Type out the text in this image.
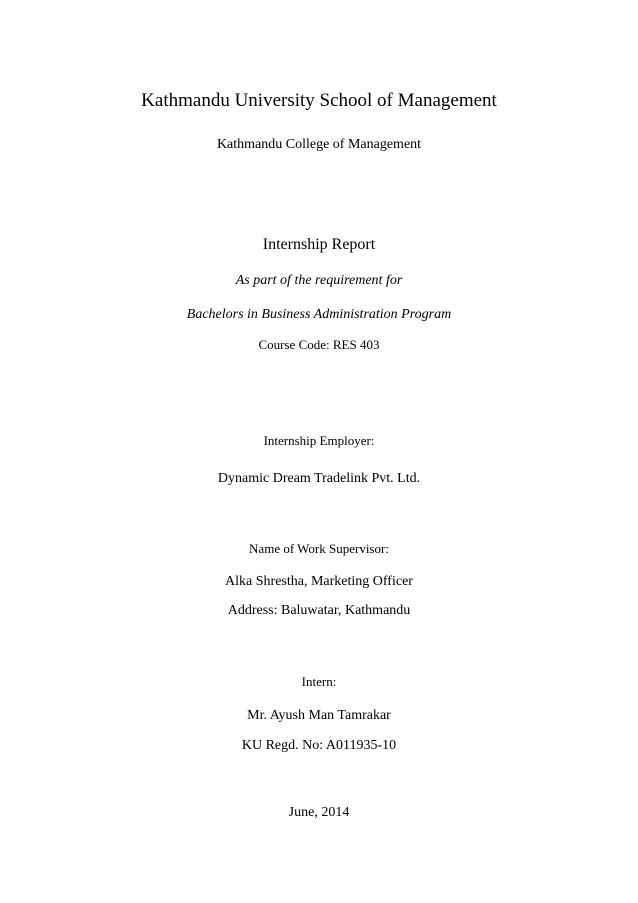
Kathmandu University School of Management
Kathmandu College of Management
Internship Report
As part of the requirement for
Bachelors in Business Administration Program
Course Code: RES 403
Internship Employer:
Dynamic Dream Tradelink Pvt. Ltd.
Name of Work Supervisor:
Alka Shrestha, Marketing Officer
Address: Baluwatar, Kathmandu
Intern:
Mr. Ayush Man Tamrakar
KU Regd. No: A011935-10
June, 2014
